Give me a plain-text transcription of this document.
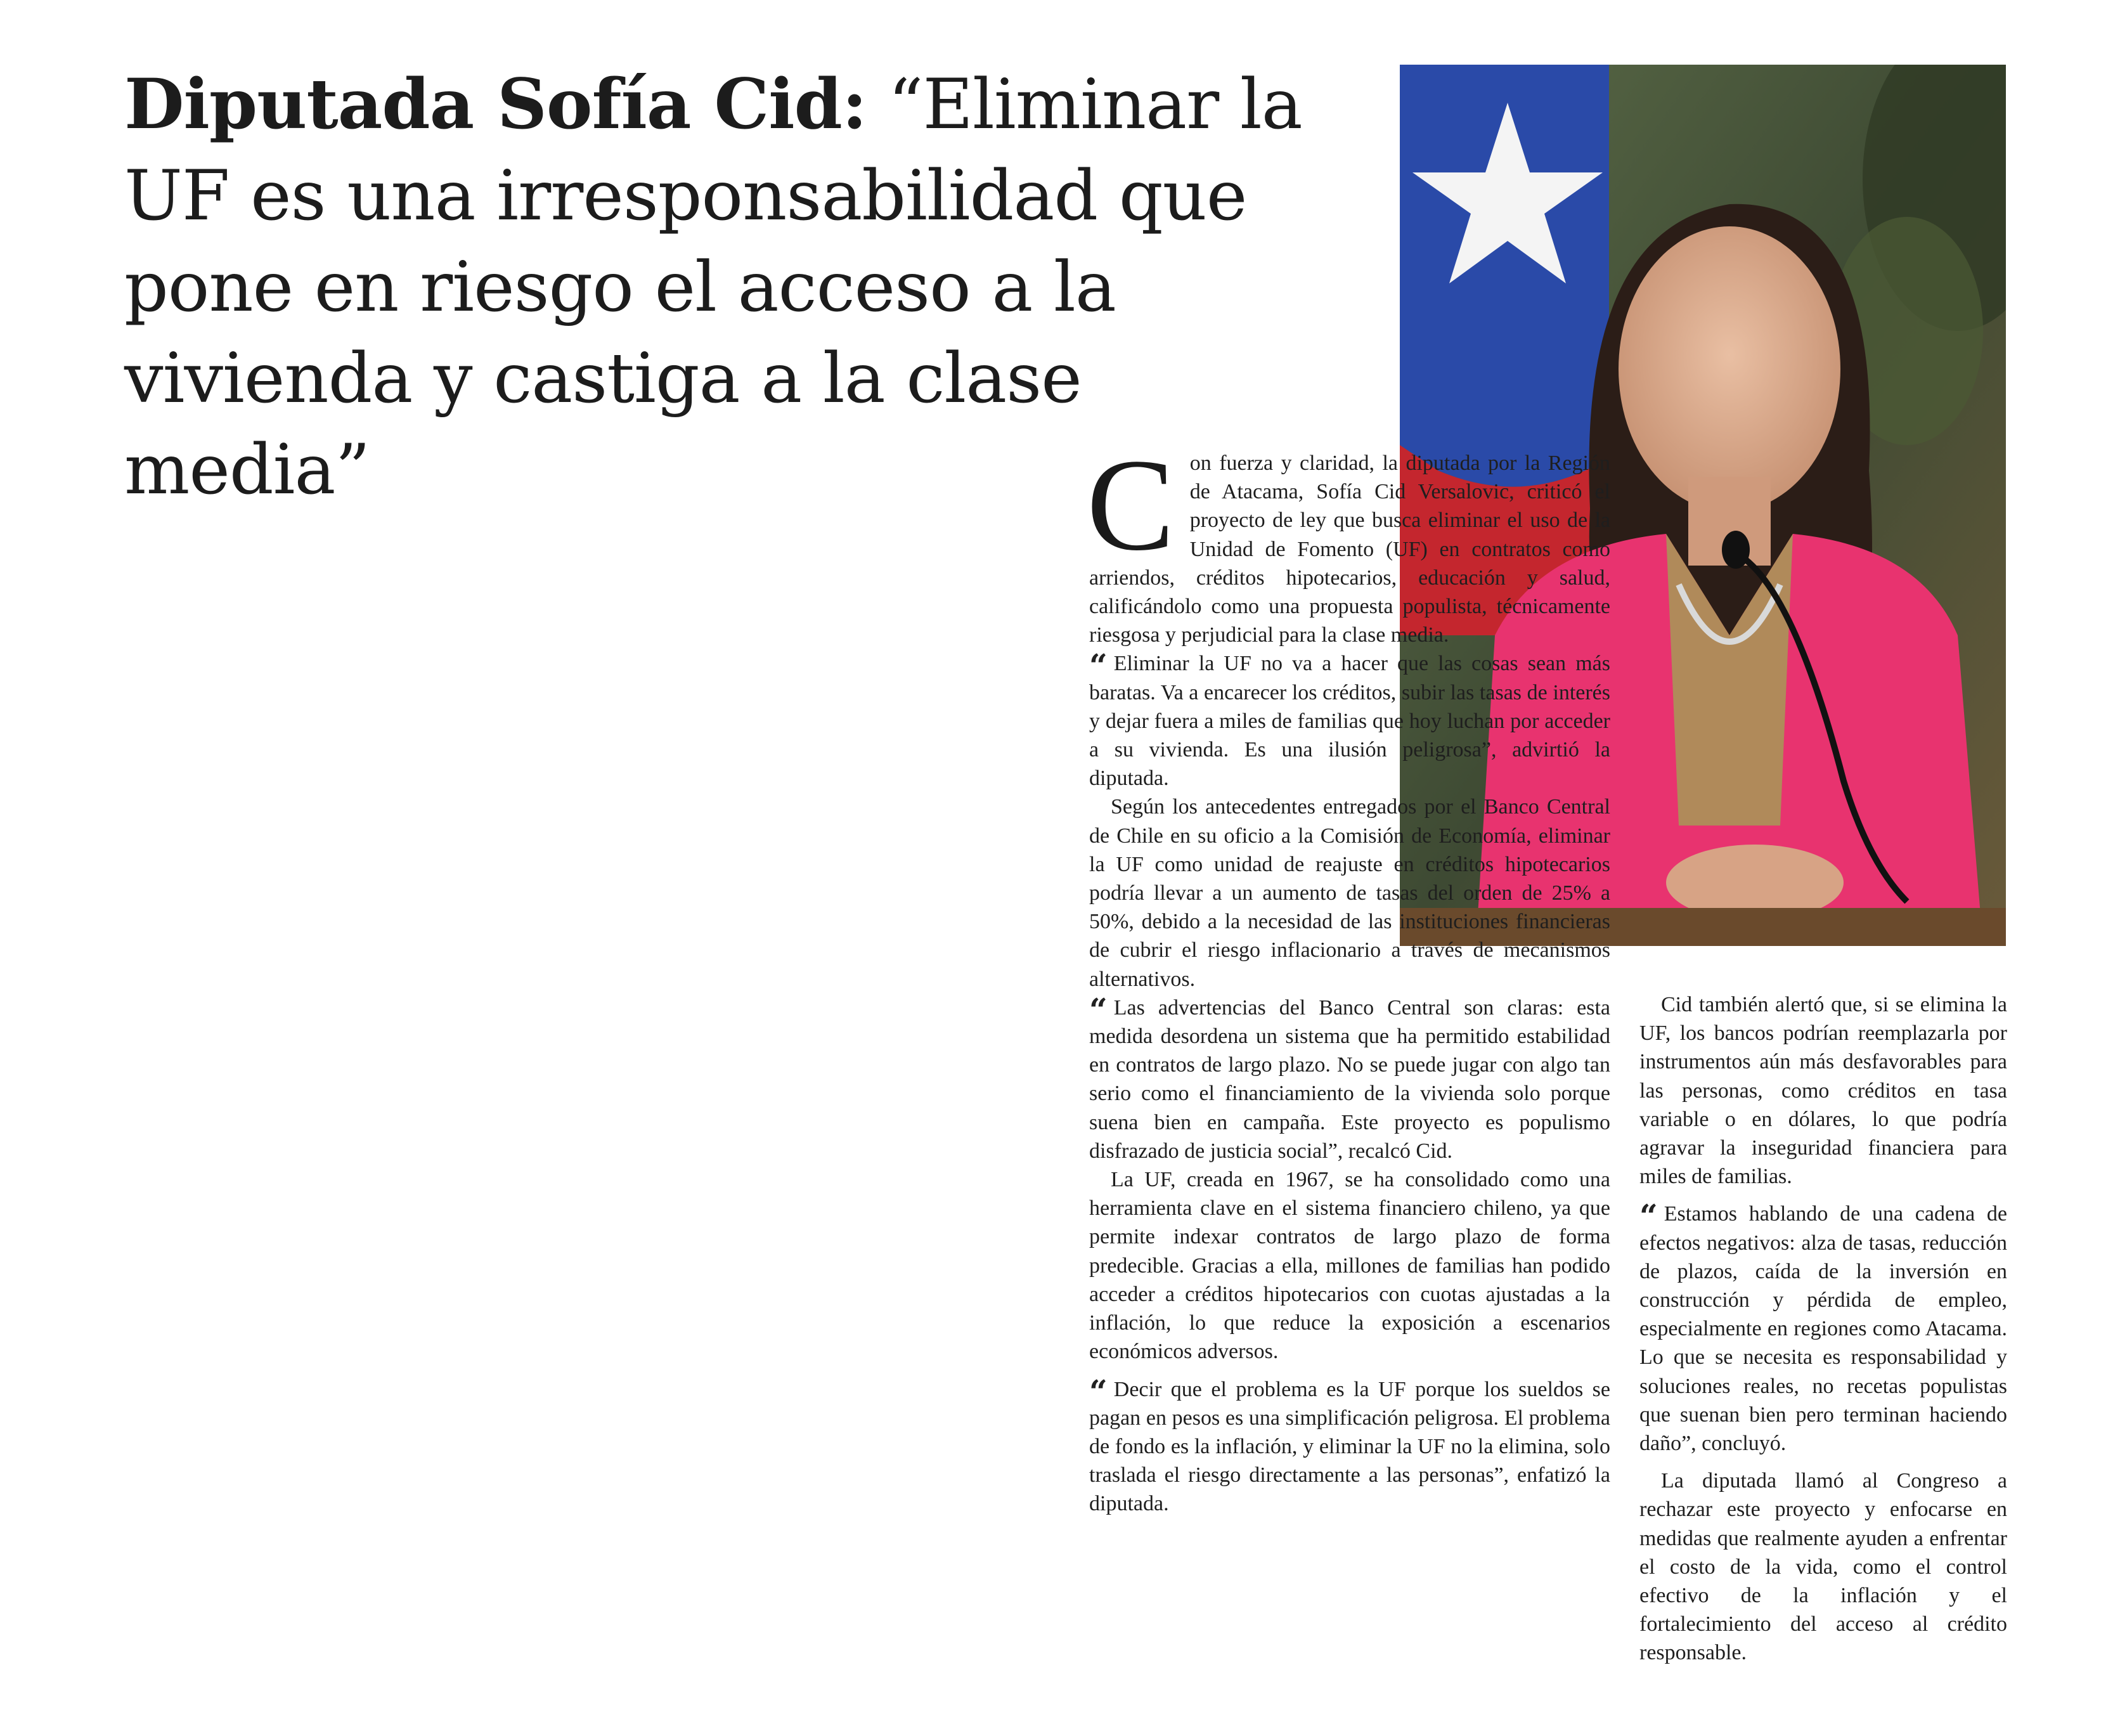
Diputada Sofía Cid: “Eliminar la UF es una irresponsabilidad que pone en riesgo el acceso a la vivienda y castiga a la clase media”	C on fuerza y claridad, la diputada por la Región de Atacama, Sofía Cid Versalovic, criticó el proyecto de ley que busca eliminar el uso de la Unidad de Fomento (UF) en contratos como arriendos, créditos hipotecarios, educación y salud, calificándolo como una propuesta populista, técnicamente riesgosa y perjudicial para la clase media.

“ Eliminar la UF no va a hacer que las cosas sean más baratas. Va a encarecer los créditos, subir las tasas de interés y dejar fuera a miles de familias que hoy luchan por acceder a su vivienda. Es una ilusión peligrosa”, advirtió la diputada.

Según los antecedentes entregados por el Banco Central de Chile en su oficio a la Comisión de Economía, eliminar la UF como unidad de reajuste en créditos hipotecarios podría llevar a un aumento de tasas del orden de 25% a 50%, debido a la necesidad de las instituciones financieras de cubrir el riesgo inflacionario a través de mecanismos alternativos.

“ Las advertencias del Banco Central son claras: esta medida desordena un sistema que ha permitido estabilidad en contratos de largo plazo. No se puede jugar con algo tan serio como el financiamiento de la vivienda solo porque suena bien en campaña. Este proyecto es populismo disfrazado de justicia social”, recalcó Cid.

La UF, creada en 1967, se ha consolidado como una herramienta clave en el sistema financiero chileno, ya que permite indexar contratos de largo plazo de forma predecible. Gracias a ella, millones de familias han podido acceder a créditos hipotecarios con cuotas ajustadas a la inflación, lo que reduce la exposición a escenarios económicos adversos.

“ Decir que el problema es la UF porque los sueldos se pagan en pesos es una simplificación peligrosa. El problema de fondo es la inflación, y eliminar la UF no la elimina, solo traslada el riesgo directamente a las personas”, enfatizó la diputada.

Cid también alertó que, si se elimina la UF, los bancos podrían reemplazarla por instrumentos aún más desfavorables para las personas, como créditos en tasa variable o en dólares, lo que podría agravar la inseguridad financiera para miles de familias.

“ Estamos hablando de una cadena de efectos negativos: alza de tasas, reducción de plazos, caída de la inversión en construcción y pérdida de empleo, especialmente en regiones como Atacama. Lo que se necesita es responsabilidad y soluciones reales, no recetas populistas que suenan bien pero terminan haciendo daño”, concluyó.

La diputada llamó al Congreso a rechazar este proyecto y enfocarse en medidas que realmente ayuden a enfrentar el costo de la vida, como el control efectivo de la inflación y el fortalecimiento del acceso al crédito responsable.
